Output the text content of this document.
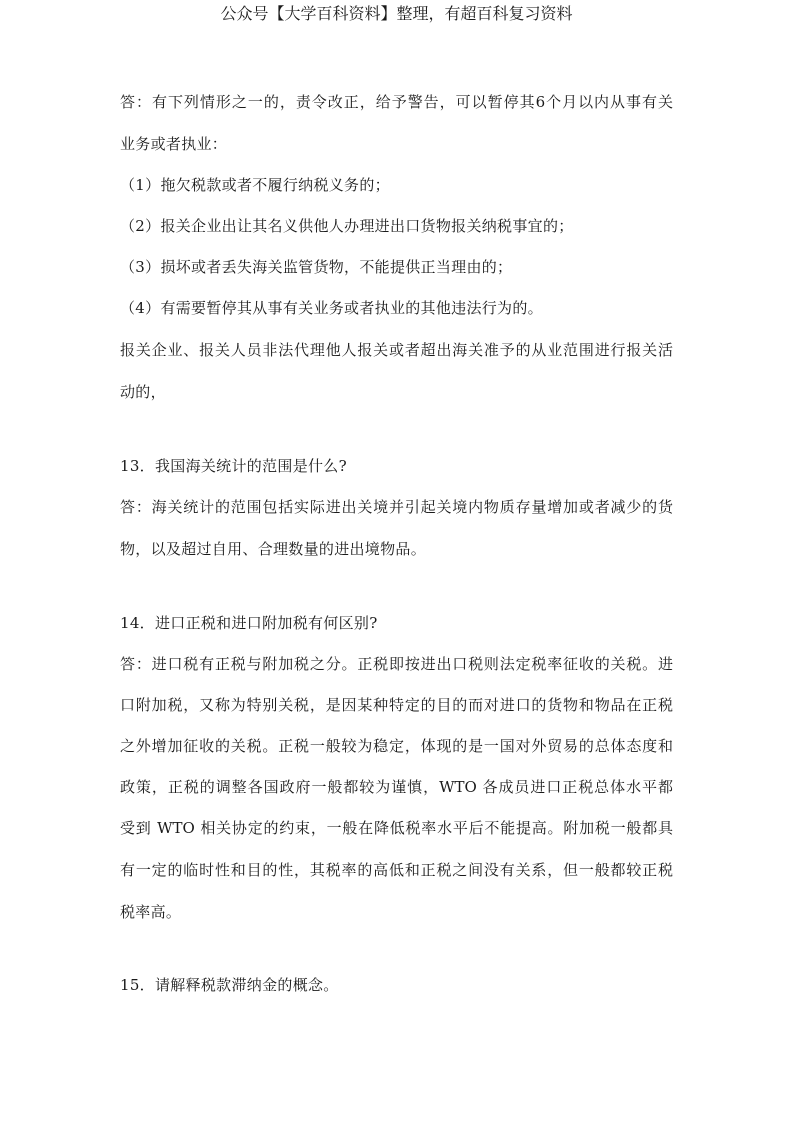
公众号【大学百科资料】整理，有超百科复习资料
答：有下列情形之一的，责令改正，给予警告，可以暂停其6个月以内从事有关
业务或者执业：
（1）拖欠税款或者不履行纳税义务的；
（2）报关企业出让其名义供他人办理进出口货物报关纳税事宜的；
（3）损坏或者丢失海关监管货物，不能提供正当理由的；
（4）有需要暂停其从事有关业务或者执业的其他违法行为的。
报关企业、报关人员非法代理他人报关或者超出海关准予的从业范围进行报关活
动的，
13．我国海关统计的范围是什么?
答：海关统计的范围包括实际进出关境并引起关境内物质存量增加或者减少的货
物，以及超过自用、合理数量的进出境物品。
14．进口正税和进口附加税有何区别?
答：进口税有正税与附加税之分。正税即按进出口税则法定税率征收的关税。进
口附加税，又称为特别关税，是因某种特定的目的而对进口的货物和物品在正税
之外增加征收的关税。正税一般较为稳定，体现的是一国对外贸易的总体态度和
政策，正税的调整各国政府一般都较为谨慎，WTO 各成员进口正税总体水平都
受到 WTO 相关协定的约束，一般在降低税率水平后不能提高。附加税一般都具
有一定的临时性和目的性，其税率的高低和正税之间没有关系，但一般都较正税
税率高。
15．请解释税款滞纳金的概念。
